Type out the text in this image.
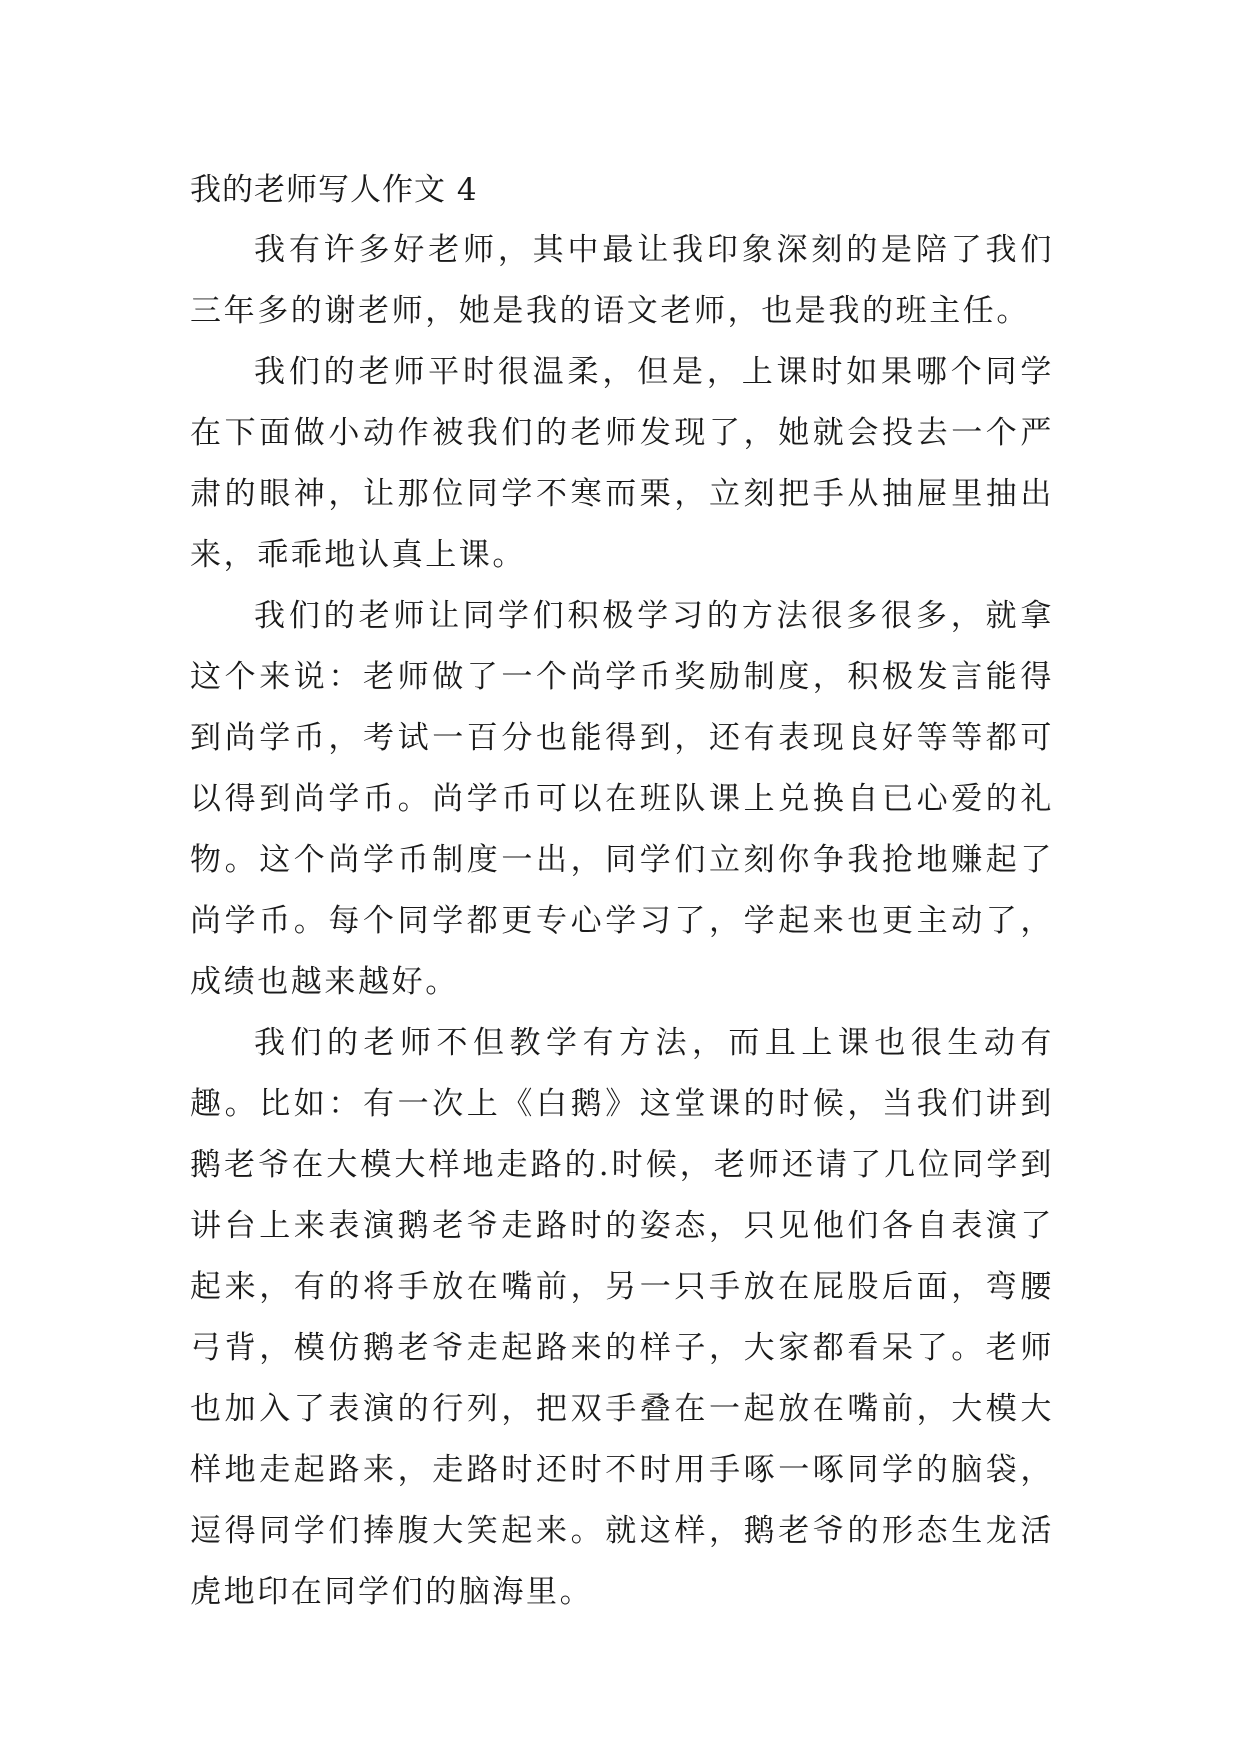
我的老师写人作文 4

我有许多好老师，其中最让我印象深刻的是陪了我们三年多的谢老师，她是我的语文老师，也是我的班主任。

我们的老师平时很温柔，但是，上课时如果哪个同学在下面做小动作被我们的老师发现了，她就会投去一个严肃的眼神，让那位同学不寒而栗，立刻把手从抽屉里抽出来，乖乖地认真上课。

我们的老师让同学们积极学习的方法很多很多，就拿这个来说：老师做了一个尚学币奖励制度，积极发言能得到尚学币，考试一百分也能得到，还有表现良好等等都可以得到尚学币。尚学币可以在班队课上兑换自已心爱的礼物。这个尚学币制度一出，同学们立刻你争我抢地赚起了尚学币。每个同学都更专心学习了，学起来也更主动了，成绩也越来越好。

我们的老师不但教学有方法，而且上课也很生动有趣。比如：有一次上《白鹅》这堂课的时候，当我们讲到鹅老爷在大模大样地走路的.时候，老师还请了几位同学到讲台上来表演鹅老爷走路时的姿态，只见他们各自表演了起来，有的将手放在嘴前，另一只手放在屁股后面，弯腰弓背，模仿鹅老爷走起路来的样子，大家都看呆了。老师也加入了表演的行列，把双手叠在一起放在嘴前，大模大样地走起路来，走路时还时不时用手啄一啄同学的脑袋，逗得同学们捧腹大笑起来。就这样，鹅老爷的形态生龙活虎地印在同学们的脑海里。
